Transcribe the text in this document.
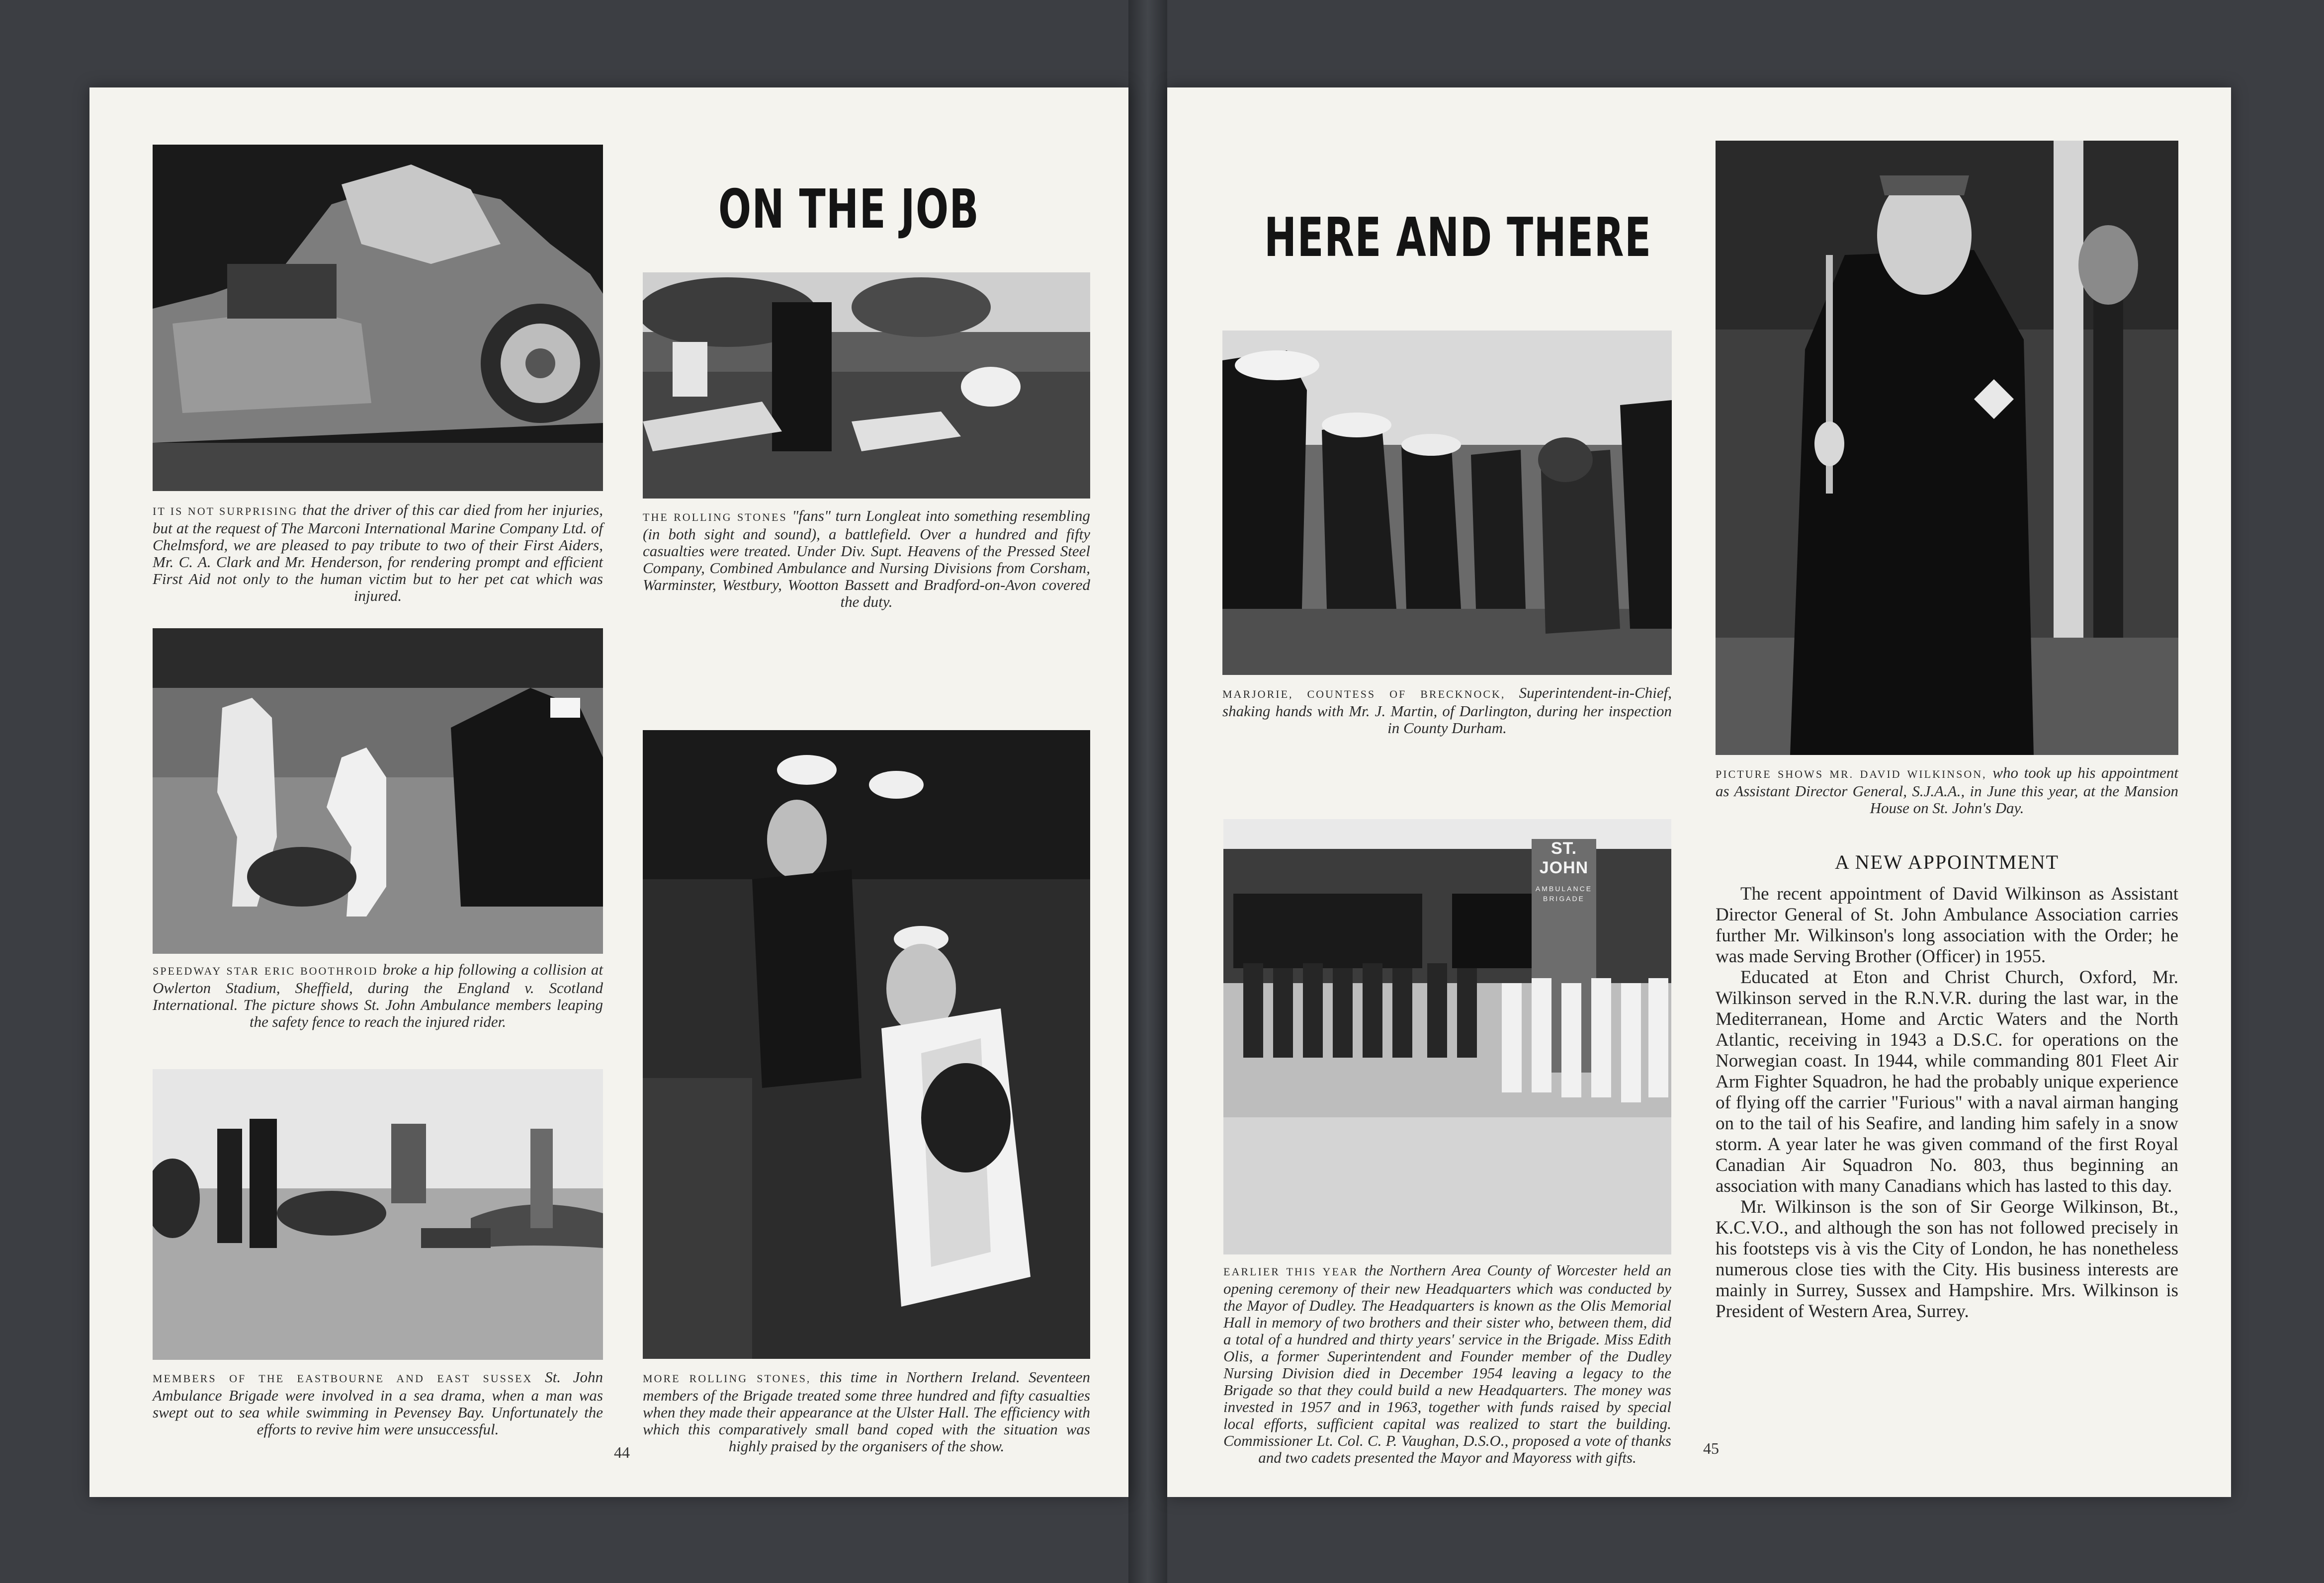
ON THE JOB

IT IS NOT SURPRISING that the driver of this car died from her injuries, but at the request of The Marconi International Marine Company Ltd. of Chelmsford, we are pleased to pay tribute to two of their First Aiders, Mr. C. A. Clark and Mr. Henderson, for rendering prompt and efficient First Aid not only to the human victim but to her pet cat which was injured.

SPEEDWAY STAR ERIC BOOTHROID broke a hip following a collision at Owlerton Stadium, Sheffield, during the England v. Scotland International. The picture shows St. John Ambulance members leaping the safety fence to reach the injured rider.

MEMBERS OF THE EASTBOURNE AND EAST SUSSEX St. John Ambulance Brigade were involved in a sea drama, when a man was swept out to sea while swimming in Pevensey Bay. Unfortunately the efforts to revive him were unsuccessful.

THE ROLLING STONES "fans" turn Longleat into something resembling (in both sight and sound), a battlefield. Over a hundred and fifty casualties were treated. Under Div. Supt. Heavens of the Pressed Steel Company, Combined Ambulance and Nursing Divisions from Corsham, Warminster, Westbury, Wootton Bassett and Bradford-on-Avon covered the duty.

MORE ROLLING STONES, this time in Northern Ireland. Seventeen members of the Brigade treated some three hundred and fifty casualties when they made their appearance at the Ulster Hall. The efficiency with which this comparatively small band coped with the situation was highly praised by the organisers of the show.

44
HERE AND THERE

MARJORIE, COUNTESS OF BRECKNOCK, Superintendent-in-Chief, shaking hands with Mr. J. Martin, of Darlington, during her inspection in County Durham.

ST. JOHN
AMBULANCE
BRIGADE

EARLIER THIS YEAR the Northern Area County of Worcester held an opening ceremony of their new Headquarters which was conducted by the Mayor of Dudley. The Headquarters is known as the Olis Memorial Hall in memory of two brothers and their sister who, between them, did a total of a hundred and thirty years' service in the Brigade. Miss Edith Olis, a former Superintendent and Founder member of the Dudley Nursing Division died in December 1954 leaving a legacy to the Brigade so that they could build a new Headquarters. The money was invested in 1957 and in 1963, together with funds raised by special local efforts, sufficient capital was realized to start the building. Commissioner Lt. Col. C. P. Vaughan, D.S.O., proposed a vote of thanks and two cadets presented the Mayor and Mayoress with gifts.

PICTURE SHOWS MR. DAVID WILKINSON, who took up his appointment as Assistant Director General, S.J.A.A., in June this year, at the Mansion House on St. John's Day.

A NEW APPOINTMENT

The recent appointment of David Wilkinson as Assistant Director General of St. John Ambulance Association carries further Mr. Wilkinson's long association with the Order; he was made Serving Brother (Officer) in 1955.

Educated at Eton and Christ Church, Oxford, Mr. Wilkinson served in the R.N.V.R. during the last war, in the Mediterranean, Home and Arctic Waters and the North Atlantic, receiving in 1943 a D.S.C. for operations on the Norwegian coast. In 1944, while commanding 801 Fleet Air Arm Fighter Squadron, he had the probably unique experience of flying off the carrier "Furious" with a naval airman hanging on to the tail of his Seafire, and landing him safely in a snow storm. A year later he was given command of the first Royal Canadian Air Squadron No. 803, thus beginning an association with many Canadians which has lasted to this day.

Mr. Wilkinson is the son of Sir George Wilkinson, Bt., K.C.V.O., and although the son has not followed precisely in his footsteps vis à vis the City of London, he has nonetheless numerous close ties with the City. His business interests are mainly in Surrey, Sussex and Hampshire. Mrs. Wilkinson is President of Western Area, Surrey.

45
